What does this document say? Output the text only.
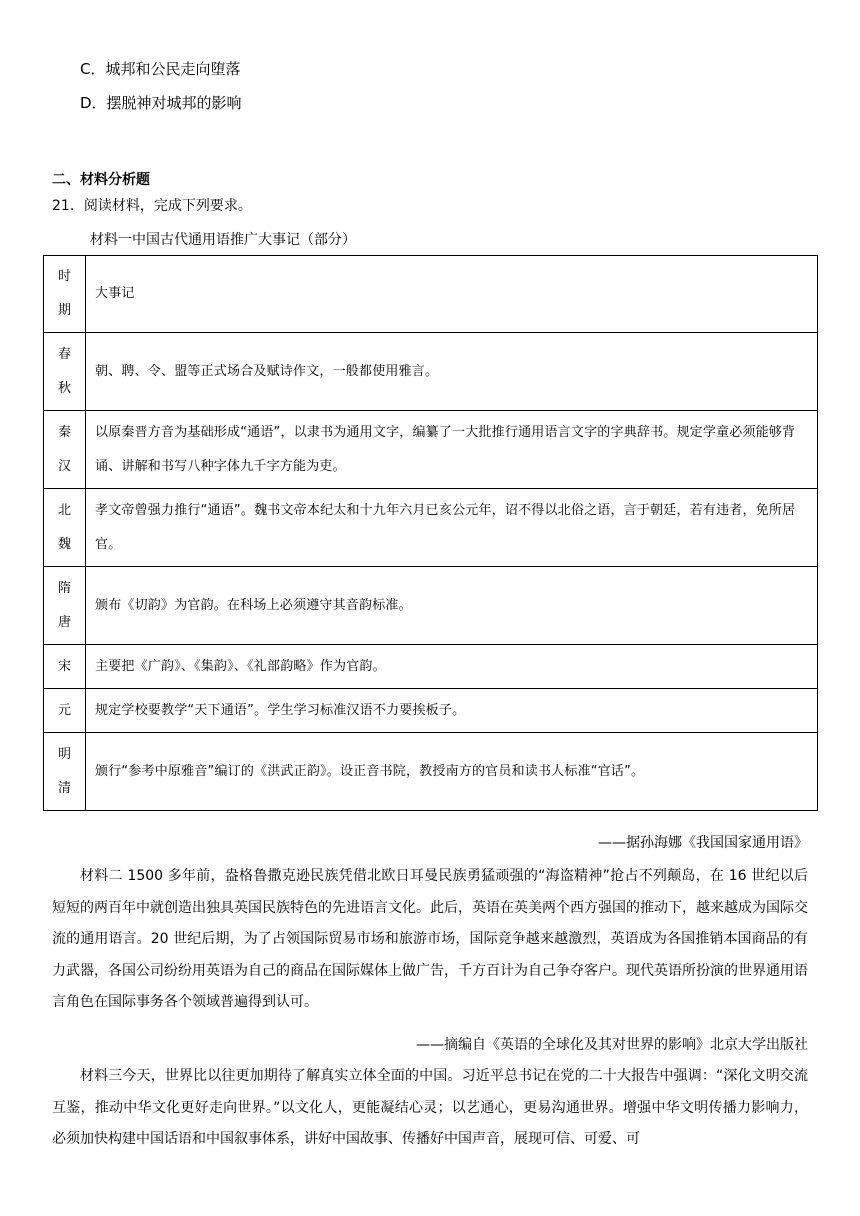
C．城邦和公民走向堕落
D．摆脱神对城邦的影响
二、材料分析题
21．阅读材料，完成下列要求。
材料一中国古代通用语推广大事记（部分）
时期	大事记

春秋	朝、聘、令、盟等正式场合及赋诗作文，一般都使用雅言。

秦汉	以原秦晋方音为基础形成“通语”，以隶书为通用文字，编纂了一大批推行通用语言文字的字典辞书。规定学童必须能够背诵、讲解和书写八种字体九千字方能为吏。

北魏	孝文帝曾强力推行“通语”。魏书文帝本纪太和十九年六月已亥公元年，诏不得以北俗之语，言于朝廷，若有违者，免所居官。

隋唐	颁布《切韵》为官韵。在科场上必须遵守其音韵标准。

宋	主要把《广韵》、《集韵》、《礼部韵略》作为官韵。

元	规定学校要教学“天下通语”。学生学习标准汉语不力要挨板子。

明清	颁行“参考中原雅音”编订的《洪武正韵》。设正音书院，教授南方的官员和读书人标准“官话”。
——据孙海娜《我国国家通用语》

材料二 1500 多年前，盎格鲁撒克逊民族凭借北欧日耳曼民族勇猛顽强的“海盗精神”抢占不列颠岛，在 16 世纪以后短短的两百年中就创造出独具英国民族特色的先进语言文化。此后，英语在英美两个西方强国的推动下，越来越成为国际交流的通用语言。20 世纪后期，为了占领国际贸易市场和旅游市场，国际竞争越来越激烈，英语成为各国推销本国商品的有力武器，各国公司纷纷用英语为自己的商品在国际媒体上做广告，千方百计为自己争夺客户。现代英语所扮演的世界通用语言角色在国际事务各个领域普遍得到认可。

——摘编自《英语的全球化及其对世界的影响》北京大学出版社

材料三今天，世界比以往更加期待了解真实立体全面的中国。习近平总书记在党的二十大报告中强调：“深化文明交流互鉴，推动中华文化更好走向世界。”以文化人，更能凝结心灵；以艺通心，更易沟通世界。增强中华文明传播力影响力，必须加快构建中国话语和中国叙事体系，讲好中国故事、传播好中国声音，展现可信、可爱、可
